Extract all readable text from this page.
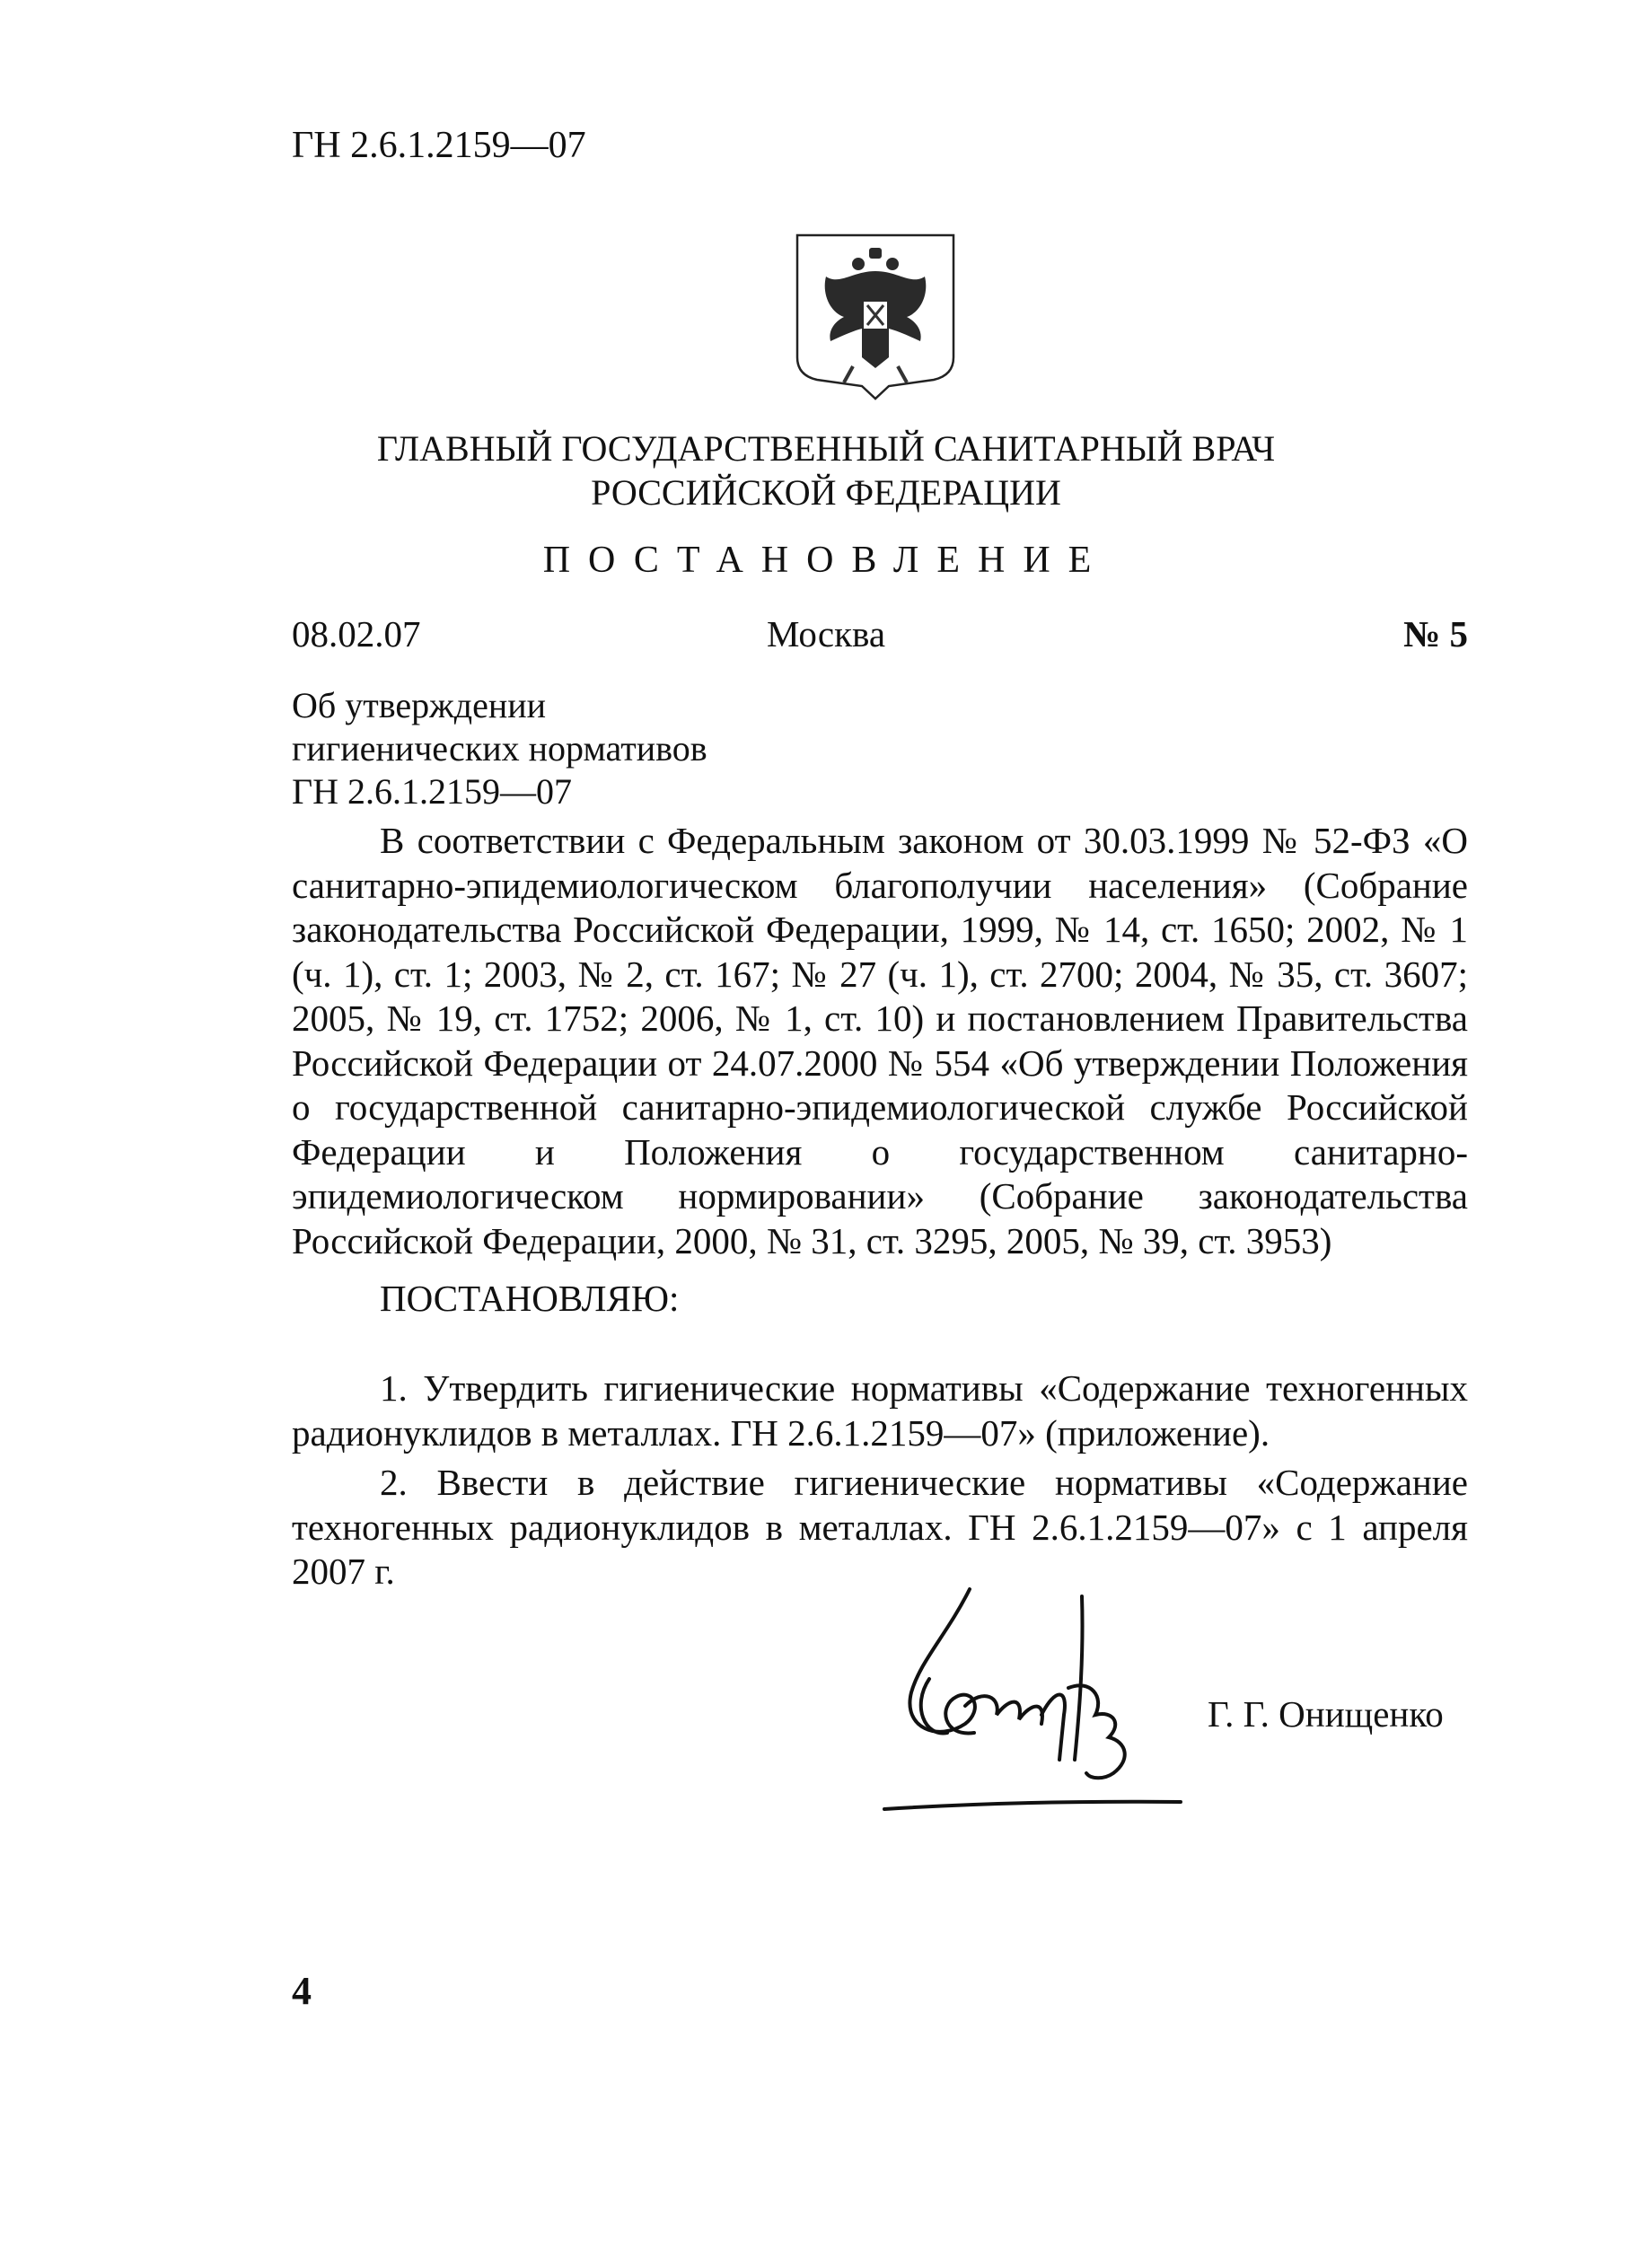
ГН 2.6.1.2159—07
ГЛАВНЫЙ ГОСУДАРСТВЕННЫЙ САНИТАРНЫЙ ВРАЧ
РОССИЙСКОЙ ФЕДЕРАЦИИ
ПОСТАНОВЛЕНИЕ
08.02.07	Москва	№ 5
Об утверждении
гигиенических нормативов
ГН 2.6.1.2159—07

В соответствии с Федеральным законом от 30.03.1999 № 52-ФЗ «О санитарно-эпидемиологическом благополучии населения» (Собрание законодательства Российской Федерации, 1999, № 14, ст. 1650; 2002, № 1 (ч. 1), ст. 1; 2003, № 2, ст. 167; № 27 (ч. 1), ст. 2700; 2004, № 35, ст. 3607; 2005, № 19, ст. 1752; 2006, № 1, ст. 10) и постановлением Правительства Российской Федерации от 24.07.2000 № 554 «Об утверждении Положения о государственной санитарно-эпидемиологической службе Российской Федерации и Положения о государственном санитарно-эпидемиологическом нормировании» (Собрание законодательства Российской Федерации, 2000, № 31, ст. 3295, 2005, № 39, ст. 3953)

ПОСТАНОВЛЯЮ:

1. Утвердить гигиенические нормативы «Содержание техногенных радионуклидов в металлах. ГН 2.6.1.2159—07» (приложение).

2. Ввести в действие гигиенические нормативы «Содержание техногенных радионуклидов в металлах. ГН 2.6.1.2159—07» с 1 апреля 2007 г.

Г. Г. Онищенко
4
